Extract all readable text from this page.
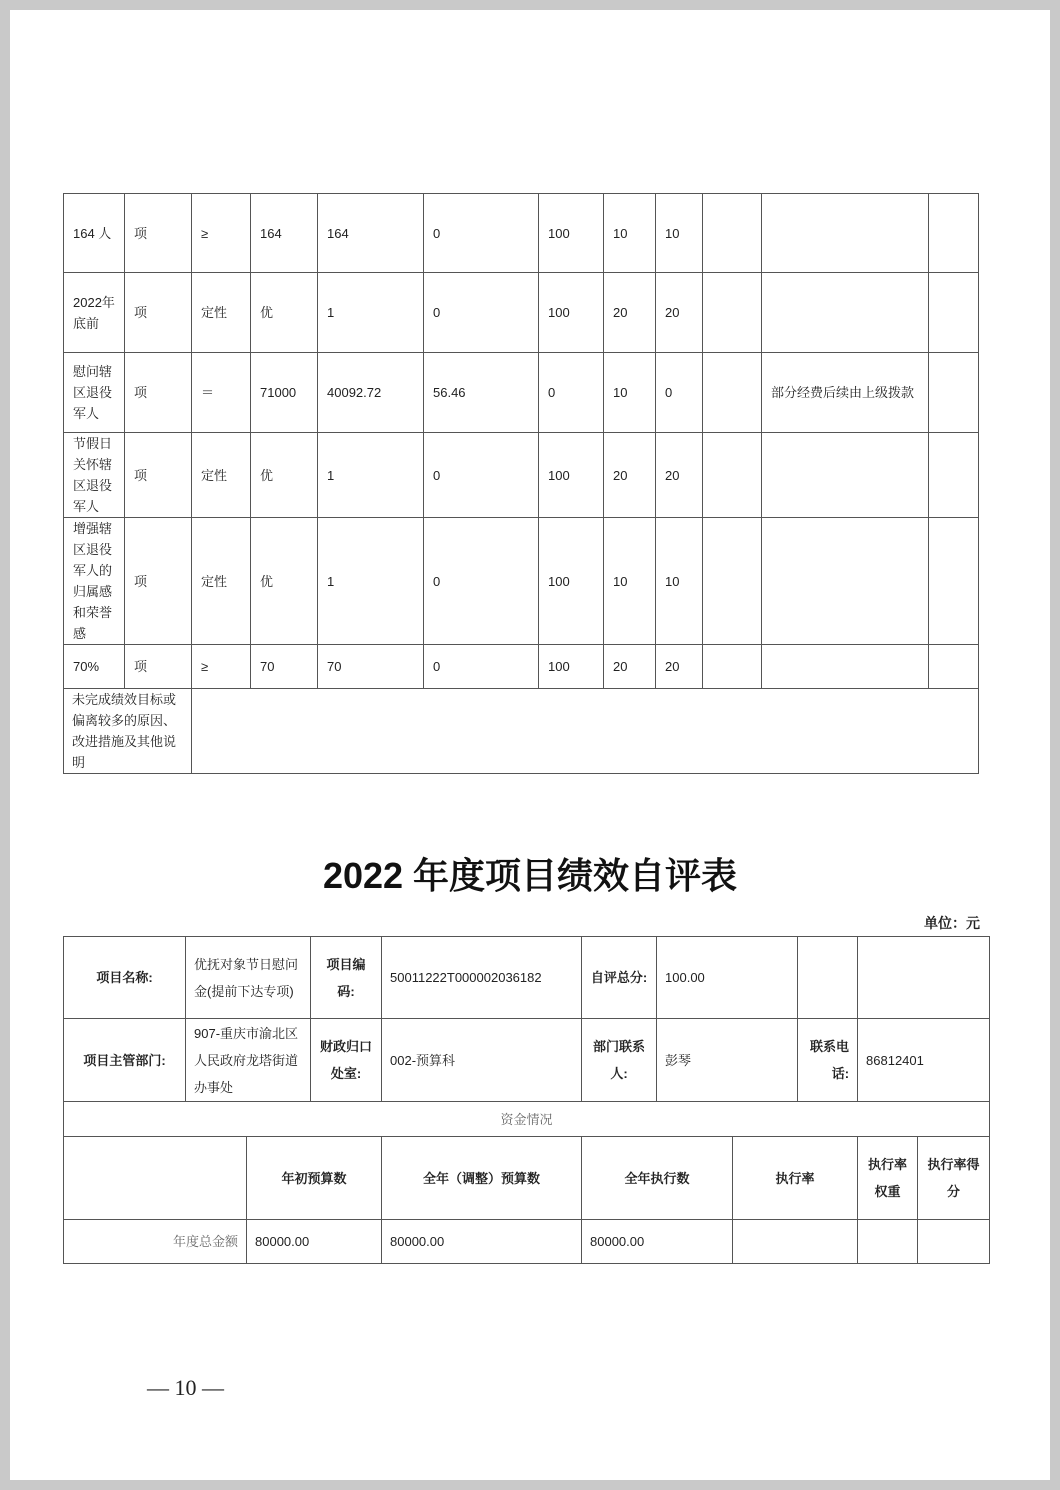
164 人	项	≥	164	164	0	100	10	10			
2022年底前	项	定性	优	1	0	100	20	20			
慰问辖区退役军人	项	＝	71000	40092.72	56.46	0	10	0		部分经费后续由上级拨款	
节假日关怀辖区退役军人	项	定性	优	1	0	100	20	20			
增强辖区退役军人的归属感和荣誉感	项	定性	优	1	0	100	10	10			
70%	项	≥	70	70	0	100	20	20			
未完成绩效目标或偏离较多的原因、改进措施及其他说明											
2022 年度项目绩效自评表
单位：元
项目名称:	优抚对象节日慰问金(提前下达专项)		项目编码:	50011222T000002036182	自评总分:	100.00				
项目主管部门:	907-重庆市渝北区人民政府龙塔街道办事处		财政归口处室:	002-预算科	部门联系人:	彭琴		联系电话:	86812401	
资金情况										
		年初预算数		全年（调整）预算数	全年执行数		执行率		执行率权重	执行率得分
年度总金额		80000.00		80000.00	80000.00					
— 10 —
